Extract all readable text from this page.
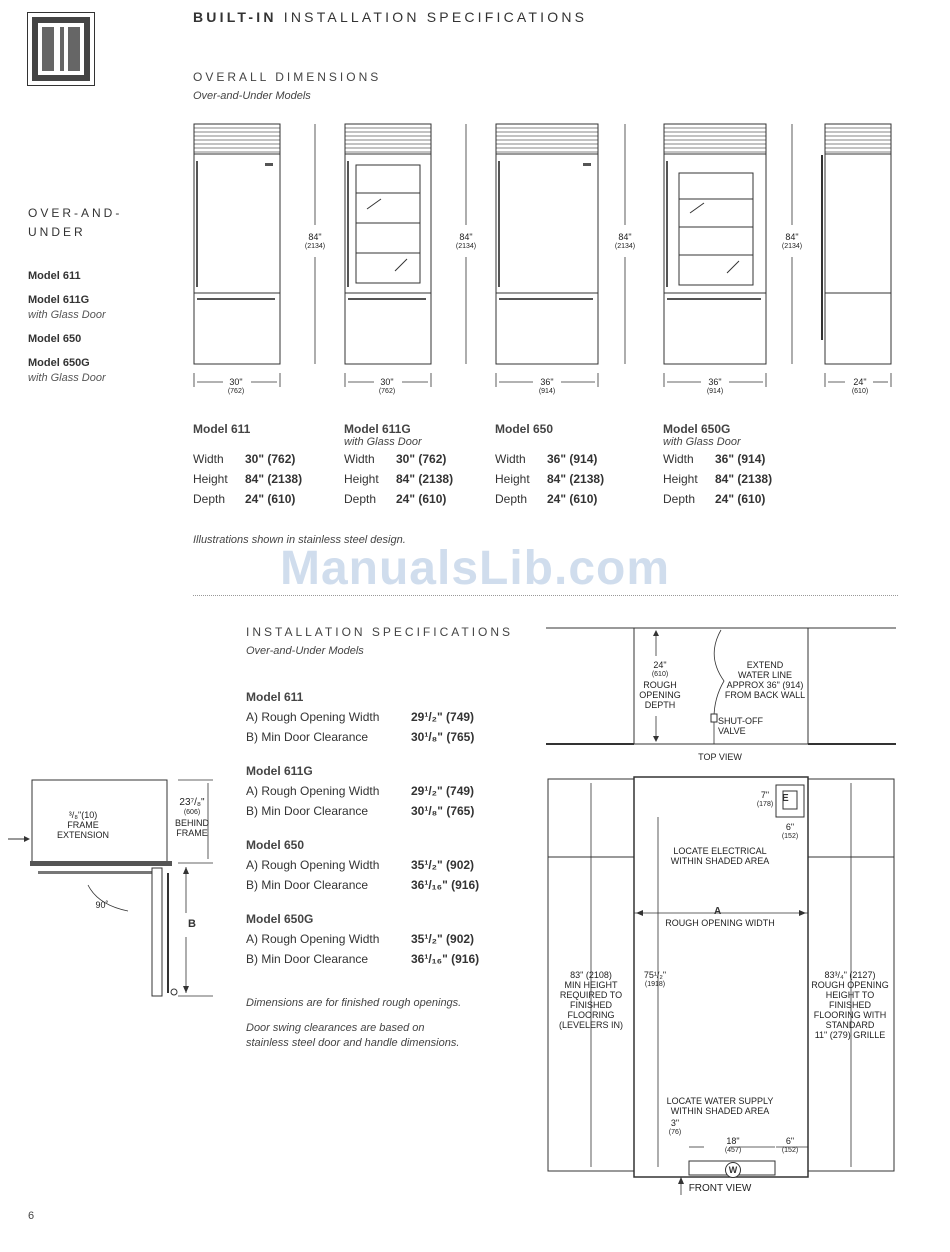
BUILT-IN INSTALLATION SPECIFICATIONS
OVERALL DIMENSIONS
Over-and-Under Models
OVER-AND-
UNDER
Model 611
Model 611G
with Glass Door
Model 650
Model 650G
with Glass Door
84"
(2134)
84"
(2134)
84"
(2134)
84"
(2134)
30"
(762)
30"
(762)
36"
(914)
36"
(914)
24"
(610)
Model 611
Width 30" (762)
Height 84" (2138)
Depth 24" (610)
Model 611G
with Glass Door
Width 30" (762)
Height 84" (2138)
Depth 24" (610)
Model 650
Width 36" (914)
Height 84" (2138)
Depth 24" (610)
Model 650G
with Glass Door
Width 36" (914)
Height 84" (2138)
Depth 24" (610)
Illustrations shown in stainless steel design.
ManualsLib.com
INSTALLATION SPECIFICATIONS
Over-and-Under Models
Model 611
A) Rough Opening Width	29¹/₂" (749)
B) Min Door Clearance	30¹/₈" (765)
Model 611G
A) Rough Opening Width	29¹/₂" (749)
B) Min Door Clearance	30¹/₈" (765)
Model 650
A) Rough Opening Width	35¹/₂" (902)
B) Min Door Clearance	36¹/₁₆" (916)
Model 650G
A) Rough Opening Width	35¹/₂" (902)
B) Min Door Clearance	36¹/₁₆" (916)
Dimensions are for finished rough openings.
Door swing clearances are based on
stainless steel door and handle dimensions.
³/₈"(10)
FRAME
EXTENSION
23⁷/₈"
(606)
BEHIND
FRAME
90˚
B
24"
(610)
ROUGH
OPENING
DEPTH
EXTEND
WATER LINE
APPROX 36" (914)
FROM BACK WALL
SHUT-OFF
VALVE
TOP VIEW
7"
(178)
E
6"
(152)
LOCATE ELECTRICAL
WITHIN SHADED AREA
A
ROUGH OPENING WIDTH
83" (2108)
MIN HEIGHT
REQUIRED TO
FINISHED
FLOORING
(LEVELERS IN)
75¹/₂"
(1918)
83³/₄" (2127)
ROUGH OPENING
HEIGHT TO
FINISHED
FLOORING WITH
STANDARD
11" (279) GRILLE
LOCATE WATER SUPPLY
WITHIN SHADED AREA
3"
(76)
18"
(457)
6"
(152)
W
FRONT VIEW
6
